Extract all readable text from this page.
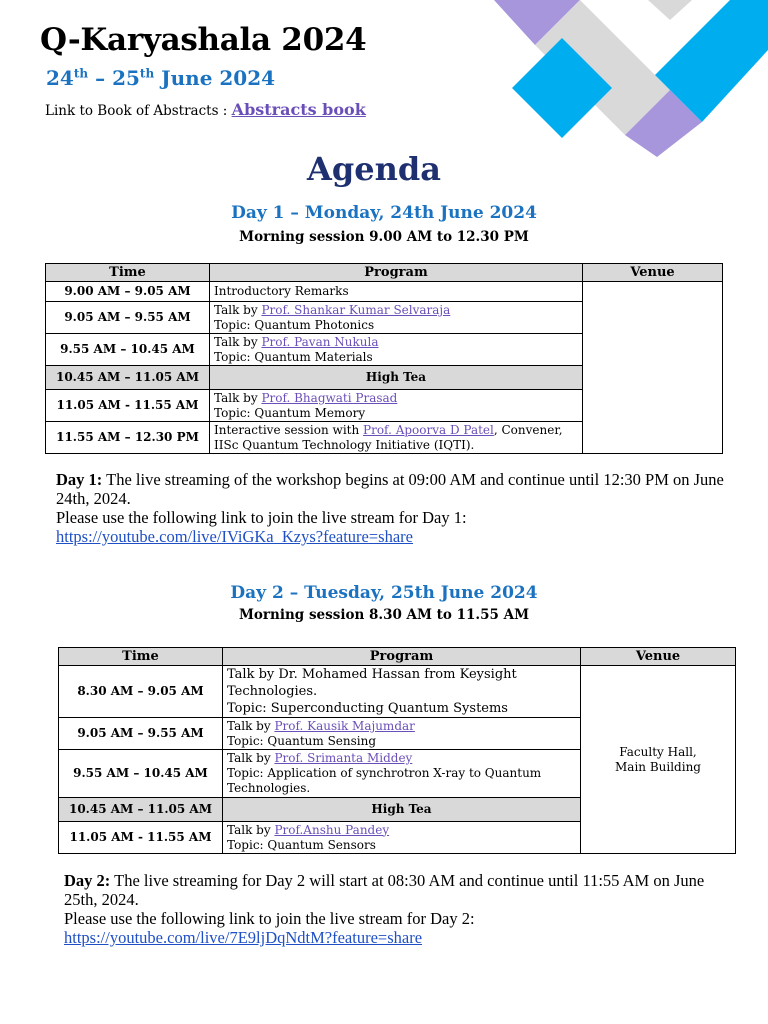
Q-Karyashala 2024
24th – 25th June 2024
Link to Book of Abstracts : Abstracts book
Agenda
Day 1 – Monday, 24th June 2024
Morning session 9.00 AM to 12.30 PM
Time	Program	Venue
9.00 AM – 9.05 AM	Introductory Remarks	
9.05 AM – 9.55 AM	Talk by Prof. Shankar Kumar Selvaraja
Topic: Quantum Photonics	
9.55 AM – 10.45 AM	Talk by Prof. Pavan Nukula
Topic: Quantum Materials	
10.45 AM – 11.05 AM	High Tea	
11.05 AM - 11.55 AM	Talk by Prof. Bhagwati Prasad
Topic: Quantum Memory	
11.55 AM – 12.30 PM	Interactive session with Prof. Apoorva D Patel, Convener,
IISc Quantum Technology Initiative (IQTI).	
Day 1: The live streaming of the workshop begins at 09:00 AM and continue until 12:30 PM on June 24th, 2024.
Please use the following link to join the live stream for Day 1:
https://youtube.com/live/IViGKa_Kzys?feature=share
Day 2 – Tuesday, 25th June 2024
Morning session 8.30 AM to 11.55 AM
Time	Program	Venue
8.30 AM – 9.05 AM	Talk by Dr. Mohamed Hassan from Keysight
Technologies.
Topic: Superconducting Quantum Systems	Faculty Hall,
Main Building
9.05 AM – 9.55 AM	Talk by Prof. Kausik Majumdar
Topic: Quantum Sensing	
9.55 AM – 10.45 AM	Talk by Prof. Srimanta Middey
Topic: Application of synchrotron X-ray to Quantum
Technologies.	
10.45 AM – 11.05 AM	High Tea	
11.05 AM - 11.55 AM	Talk by Prof.Anshu Pandey
Topic: Quantum Sensors	
Day 2: The live streaming for Day 2 will start at 08:30 AM and continue until 11:55 AM on June 25th, 2024.
Please use the following link to join the live stream for Day 2:
https://youtube.com/live/7E9ljDqNdtM?feature=share
